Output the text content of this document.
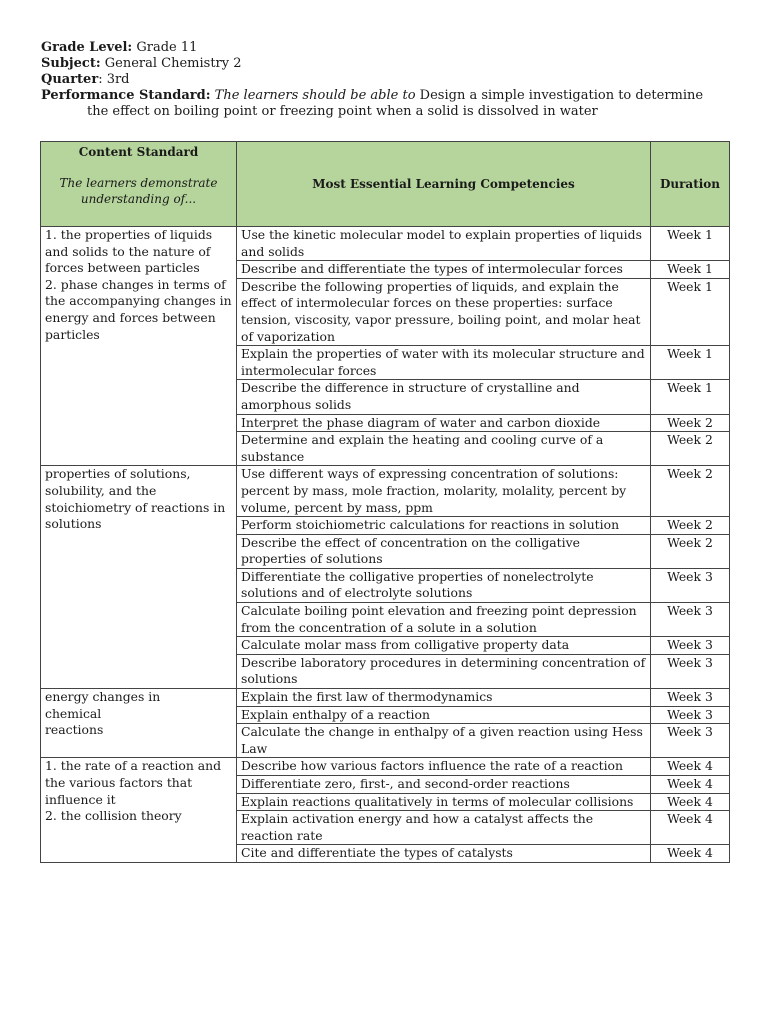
Grade Level: Grade 11
Subject: General Chemistry 2
Quarter: 3rd
Performance Standard: The learners should be able to Design a simple investigation to determine
the effect on boiling point or freezing point when a solid is dissolved in water
Content Standard
The learners demonstrate understanding of...	Most Essential Learning Competencies	Duration
1. the properties of liquids and solids to the nature of forces between particles
2. phase changes in terms of the accompanying changes in energy and forces between particles	Use the kinetic molecular model to explain properties of liquids and solids	Week 1
	Describe and differentiate the types of intermolecular forces	Week 1
	Describe the following properties of liquids, and explain the effect of intermolecular forces on these properties: surface tension, viscosity, vapor pressure, boiling point, and molar heat of vaporization	Week 1
	Explain the properties of water with its molecular structure and intermolecular forces	Week 1
	Describe the difference in structure of crystalline and amorphous solids	Week 1
	Interpret the phase diagram of water and carbon dioxide	Week 2
	Determine and explain the heating and cooling curve of a substance	Week 2
properties of solutions, solubility, and the stoichiometry of reactions in
solutions	Use different ways of expressing concentration of solutions: percent by mass, mole fraction, molarity, molality, percent by volume, percent by mass, ppm	Week 2
	Perform stoichiometric calculations for reactions in solution	Week 2
	Describe the effect of concentration on the colligative properties of solutions	Week 2
	Differentiate the colligative properties of nonelectrolyte solutions and of electrolyte solutions	Week 3
	Calculate boiling point elevation and freezing point depression from the concentration of a solute in a solution	Week 3
	Calculate molar mass from colligative property data	Week 3
	Describe laboratory procedures in determining concentration of solutions	Week 3
energy changes in
chemical
reactions	Explain the first law of thermodynamics	Week 3
	Explain enthalpy of a reaction	Week 3
	Calculate the change in enthalpy of a given reaction using Hess Law	Week 3
1. the rate of a reaction and
the various factors that influence it
2. the collision theory	Describe how various factors influence the rate of a reaction	Week 4
	Differentiate zero, first-, and second-order reactions	Week 4
	Explain reactions qualitatively in terms of molecular collisions	Week 4
	Explain activation energy and how a catalyst affects the reaction rate	Week 4
	Cite and differentiate the types of catalysts	Week 4
